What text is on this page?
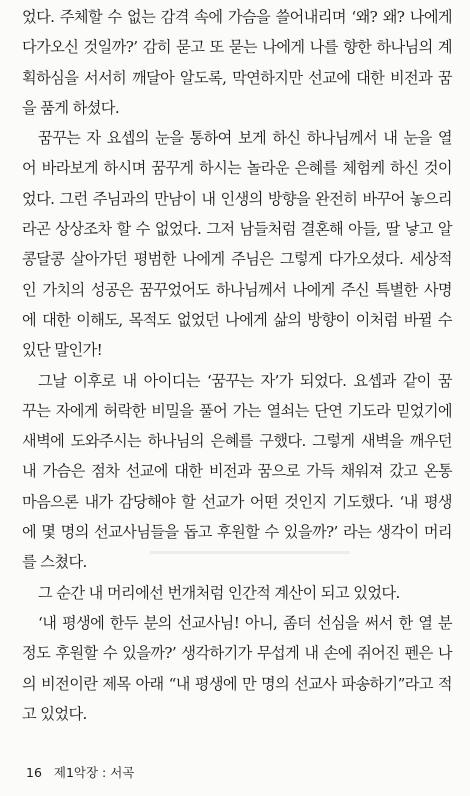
었다. 주체할 수 없는 감격 속에 가슴을 쓸어내리며 ‘왜? 왜? 나에게
다가오신 것일까?’ 감히 묻고 또 묻는 나에게 나를 향한 하나님의 계
획하심을 서서히 깨달아 알도록, 막연하지만 선교에 대한 비전과 꿈
을 품게 하셨다.
꿈꾸는 자 요셉의 눈을 통하여 보게 하신 하나님께서 내 눈을 열
어 바라보게 하시며 꿈꾸게 하시는 놀라운 은혜를 체험케 하신 것이
었다. 그런 주님과의 만남이 내 인생의 방향을 완전히 바꾸어 놓으리
라곤 상상조차 할 수 없었다. 그저 남들처럼 결혼해 아들, 딸 낳고 알
콩달콩 살아가던 평범한 나에게 주님은 그렇게 다가오셨다. 세상적
인 가치의 성공은 꿈꾸었어도 하나님께서 나에게 주신 특별한 사명
에 대한 이해도, 목적도 없었던 나에게 삶의 방향이 이처럼 바뀔 수
있단 말인가!
그날 이후로 내 아이디는 ‘꿈꾸는 자’가 되었다. 요셉과 같이 꿈
꾸는 자에게 허락한 비밀을 풀어 가는 열쇠는 단연 기도라 믿었기에
새벽에 도와주시는 하나님의 은혜를 구했다. 그렇게 새벽을 깨우던
내 가슴은 점차 선교에 대한 비전과 꿈으로 가득 채워져 갔고 온통
마음으론 내가 감당해야 할 선교가 어떤 것인지 기도했다. ‘내 평생
에 몇 명의 선교사님들을 돕고 후원할 수 있을까?’ 라는 생각이 머리
를 스쳤다.
그 순간 내 머리에선 번개처럼 인간적 계산이 되고 있었다.
‘내 평생에 한두 분의 선교사님! 아니, 좀더 선심을 써서 한 열 분
정도 후원할 수 있을까?’ 생각하기가 무섭게 내 손에 쥐어진 펜은 나
의 비전이란 제목 아래 “내 평생에 만 명의 선교사 파송하기”라고 적
고 있었다.
16 제1악장 : 서곡
